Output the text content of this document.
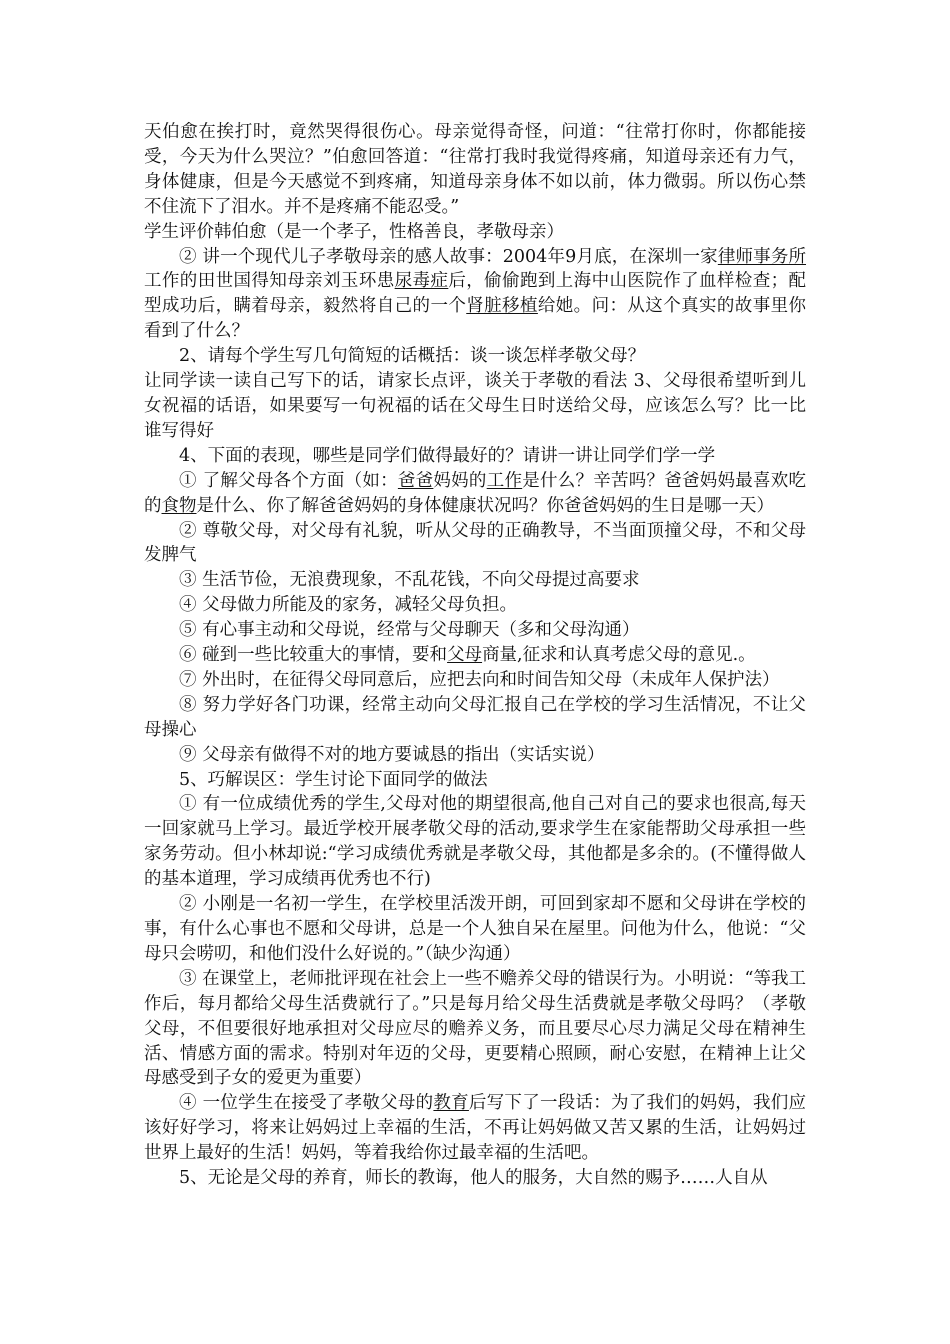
天伯愈在挨打时，竟然哭得很伤心。母亲觉得奇怪，问道：“往常打你时，你都能接受，今天为什么哭泣？”伯愈回答道：“往常打我时我觉得疼痛，知道母亲还有力气，身体健康，但是今天感觉不到疼痛，知道母亲身体不如以前，体力微弱。所以伤心禁不住流下了泪水。并不是疼痛不能忍受。”

学生评价韩伯愈（是一个孝子，性格善良，孝敬母亲）

② 讲一个现代儿子孝敬母亲的感人故事：2004年9月底，在深圳一家律师事务所工作的田世国得知母亲刘玉环患尿毒症后，偷偷跑到上海中山医院作了血样检查；配型成功后，瞒着母亲，毅然将自己的一个肾脏移植给她。问：从这个真实的故事里你看到了什么？

2、请每个学生写几句简短的话概括：谈一谈怎样孝敬父母？

让同学读一读自己写下的话，请家长点评，谈关于孝敬的看法 3、父母很希望听到儿女祝福的话语，如果要写一句祝福的话在父母生日时送给父母，应该怎么写？比一比谁写得好

4、下面的表现，哪些是同学们做得最好的？请讲一讲让同学们学一学

① 了解父母各个方面（如：爸爸妈妈的工作是什么？辛苦吗？爸爸妈妈最喜欢吃的食物是什么、你了解爸爸妈妈的身体健康状况吗？你爸爸妈妈的生日是哪一天）

② 尊敬父母，对父母有礼貌，听从父母的正确教导，不当面顶撞父母，不和父母发脾气

③ 生活节俭，无浪费现象，不乱花钱，不向父母提过高要求

④ 父母做力所能及的家务，减轻父母负担。

⑤ 有心事主动和父母说，经常与父母聊天（多和父母沟通）

⑥ 碰到一些比较重大的事情，要和父母商量,征求和认真考虑父母的意见.。

⑦ 外出时，在征得父母同意后，应把去向和时间告知父母（未成年人保护法）

⑧ 努力学好各门功课，经常主动向父母汇报自己在学校的学习生活情况，不让父母操心

⑨ 父母亲有做得不对的地方要诚恳的指出（实话实说）

5、巧解误区：学生讨论下面同学的做法

① 有一位成绩优秀的学生,父母对他的期望很高,他自己对自己的要求也很高,每天一回家就马上学习。最近学校开展孝敬父母的活动,要求学生在家能帮助父母承担一些家务劳动。但小林却说:“学习成绩优秀就是孝敬父母，其他都是多余的。(不懂得做人的基本道理，学习成绩再优秀也不行)

② 小刚是一名初一学生，在学校里活泼开朗，可回到家却不愿和父母讲在学校的事，有什么心事也不愿和父母讲，总是一个人独自呆在屋里。问他为什么，他说：“父母只会唠叨，和他们没什么好说的。”（缺少沟通）

③ 在课堂上，老师批评现在社会上一些不赡养父母的错误行为。小明说：“等我工作后，每月都给父母生活费就行了。”只是每月给父母生活费就是孝敬父母吗？（孝敬父母，不但要很好地承担对父母应尽的赡养义务，而且要尽心尽力满足父母在精神生活、情感方面的需求。特别对年迈的父母，更要精心照顾，耐心安慰，在精神上让父母感受到子女的爱更为重要）

④ 一位学生在接受了孝敬父母的教育后写下了一段话：为了我们的妈妈，我们应该好好学习，将来让妈妈过上幸福的生活，不再让妈妈做又苦又累的生活，让妈妈过世界上最好的生活！妈妈，等着我给你过最幸福的生活吧。

5、无论是父母的养育，师长的教诲，他人的服务，大自然的赐予……人自从
